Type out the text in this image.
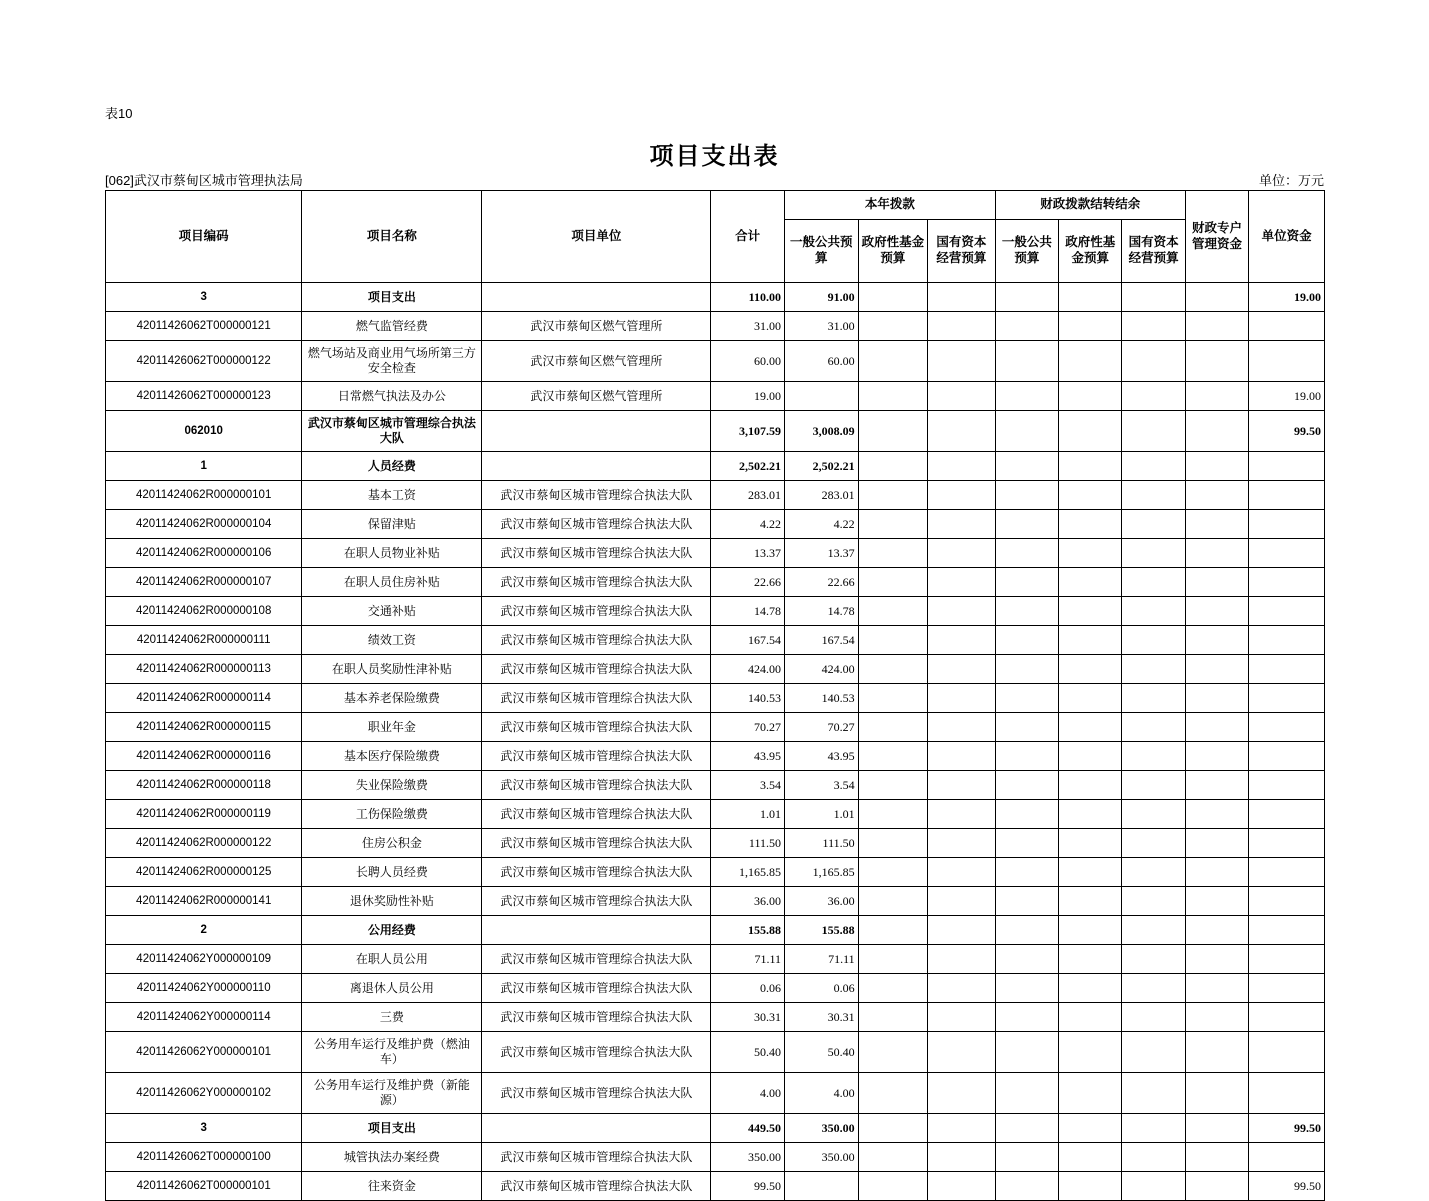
表10
项目支出表
[062]武汉市蔡甸区城市管理执法局	单位：万元
项目编码	项目名称	项目单位	合计	本年拨款			财政拨款结转结余			财政专户管理资金	单位资金
				一般公共预算	政府性基金预算	国有资本经营预算	一般公共预算	政府性基金预算	国有资本经营预算		
3	项目支出		110.00	91.00							19.00
42011426062T000000121	燃气监管经费	武汉市蔡甸区燃气管理所	31.00	31.00							
42011426062T000000122	燃气场站及商业用气场所第三方安全检查	武汉市蔡甸区燃气管理所	60.00	60.00							
42011426062T000000123	日常燃气执法及办公	武汉市蔡甸区燃气管理所	19.00								19.00
062010	武汉市蔡甸区城市管理综合执法大队		3,107.59	3,008.09							99.50
1	人员经费		2,502.21	2,502.21							
42011424062R000000101	基本工资	武汉市蔡甸区城市管理综合执法大队	283.01	283.01							
42011424062R000000104	保留津贴	武汉市蔡甸区城市管理综合执法大队	4.22	4.22							
42011424062R000000106	在职人员物业补贴	武汉市蔡甸区城市管理综合执法大队	13.37	13.37							
42011424062R000000107	在职人员住房补贴	武汉市蔡甸区城市管理综合执法大队	22.66	22.66							
42011424062R000000108	交通补贴	武汉市蔡甸区城市管理综合执法大队	14.78	14.78							
42011424062R000000111	绩效工资	武汉市蔡甸区城市管理综合执法大队	167.54	167.54							
42011424062R000000113	在职人员奖励性津补贴	武汉市蔡甸区城市管理综合执法大队	424.00	424.00							
42011424062R000000114	基本养老保险缴费	武汉市蔡甸区城市管理综合执法大队	140.53	140.53							
42011424062R000000115	职业年金	武汉市蔡甸区城市管理综合执法大队	70.27	70.27							
42011424062R000000116	基本医疗保险缴费	武汉市蔡甸区城市管理综合执法大队	43.95	43.95							
42011424062R000000118	失业保险缴费	武汉市蔡甸区城市管理综合执法大队	3.54	3.54							
42011424062R000000119	工伤保险缴费	武汉市蔡甸区城市管理综合执法大队	1.01	1.01							
42011424062R000000122	住房公积金	武汉市蔡甸区城市管理综合执法大队	111.50	111.50							
42011424062R000000125	长聘人员经费	武汉市蔡甸区城市管理综合执法大队	1,165.85	1,165.85							
42011424062R000000141	退休奖励性补贴	武汉市蔡甸区城市管理综合执法大队	36.00	36.00							
2	公用经费		155.88	155.88							
42011424062Y000000109	在职人员公用	武汉市蔡甸区城市管理综合执法大队	71.11	71.11							
42011424062Y000000110	离退休人员公用	武汉市蔡甸区城市管理综合执法大队	0.06	0.06							
42011424062Y000000114	三费	武汉市蔡甸区城市管理综合执法大队	30.31	30.31							
42011426062Y000000101	公务用车运行及维护费（燃油车）	武汉市蔡甸区城市管理综合执法大队	50.40	50.40							
42011426062Y000000102	公务用车运行及维护费（新能源）	武汉市蔡甸区城市管理综合执法大队	4.00	4.00							
3	项目支出		449.50	350.00							99.50
42011426062T000000100	城管执法办案经费	武汉市蔡甸区城市管理综合执法大队	350.00	350.00							
42011426062T000000101	往来资金	武汉市蔡甸区城市管理综合执法大队	99.50								99.50
